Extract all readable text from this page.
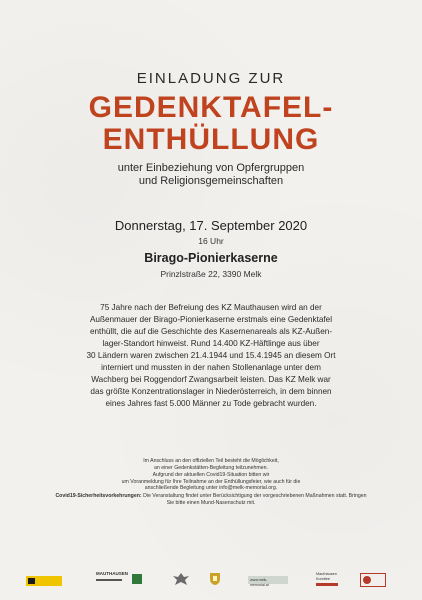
EINLADUNG ZUR
GEDENKTAFEL-
ENTHÜLLUNG
unter Einbeziehung von Opfergruppen
und Religionsgemeinschaften
Donnerstag, 17. September 2020
16 Uhr
Birago-Pionierkaserne
Prinzlstraße 22, 3390 Melk
75 Jahre nach der Befreiung des KZ Mauthausen wird an der
Außenmauer der Birago-Pionierkaserne erstmals eine Gedenktafel
enthüllt, die auf die Geschichte des Kasernenareals als KZ-Außen-
lager-Standort hinweist. Rund 14.400 KZ-Häftlinge aus über
30 Ländern waren zwischen 21.4.1944 und 15.4.1945 an diesem Ort
interniert und mussten in der nahen Stollenanlage unter dem
Wachberg bei Roggendorf Zwangsarbeit leisten. Das KZ Melk war
das größte Konzentrationslager in Niederösterreich, in dem binnen
eines Jahres fast 5.000 Männer zu Tode gebracht wurden.
Im Anschluss an den offiziellen Teil besteht die Möglichkeit,
an einer Gedenkstätten-Begleitung teilzunehmen.
Aufgrund der aktuellen Covid19-Situation bitten wir
um Voranmeldung für Ihre Teilnahme an der Enthüllungsfeier, wie auch für die
anschließende Begleitung unter info@melk-memorial.org.
Covid19-Sicherheitsvorkehrungen: Die Veranstaltung findet unter Berücksichtigung der vorgeschriebenen Maßnahmen statt. Bringen Sie bitte einen Mund-Nasenschutz mit.
MAUTHAUSEN
www.melk-memorial.at
Mauthausen Komitee
